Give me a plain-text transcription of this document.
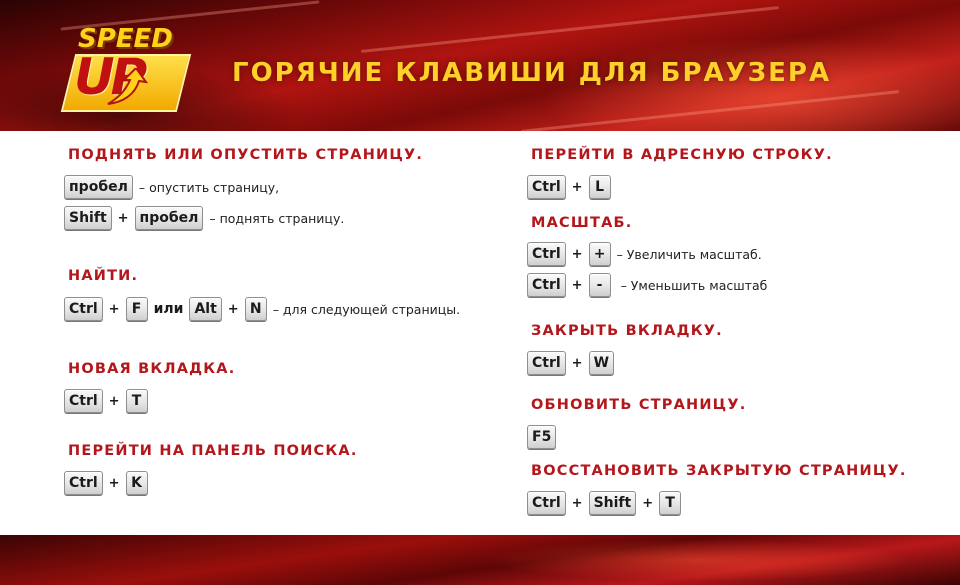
SPEED
UP	ГОРЯЧИЕ КЛАВИШИ ДЛЯ БРАУЗЕРА
ПОДНЯТЬ ИЛИ ОПУСТИТЬ СТРАНИЦУ.
пробел – опустить страницу,
Shift + пробел – поднять страницу.
НАЙТИ.
Ctrl + F или Alt + N – для следующей страницы.
НОВАЯ ВКЛАДКА.
Ctrl + T
ПЕРЕЙТИ НА ПАНЕЛЬ ПОИСКА.
Ctrl + K
ПЕРЕЙТИ В АДРЕСНУЮ СТРОКУ.
Ctrl + L
МАСШТАБ.
Ctrl + + – Увеличить масштаб.
Ctrl +	-	– Уменьшить масштаб
ЗАКРЫТЬ ВКЛАДКУ.
Ctrl + W
ОБНОВИТЬ СТРАНИЦУ.
F5
ВОССТАНОВИТЬ ЗАКРЫТУЮ СТРАНИЦУ.
Ctrl + Shift + T
